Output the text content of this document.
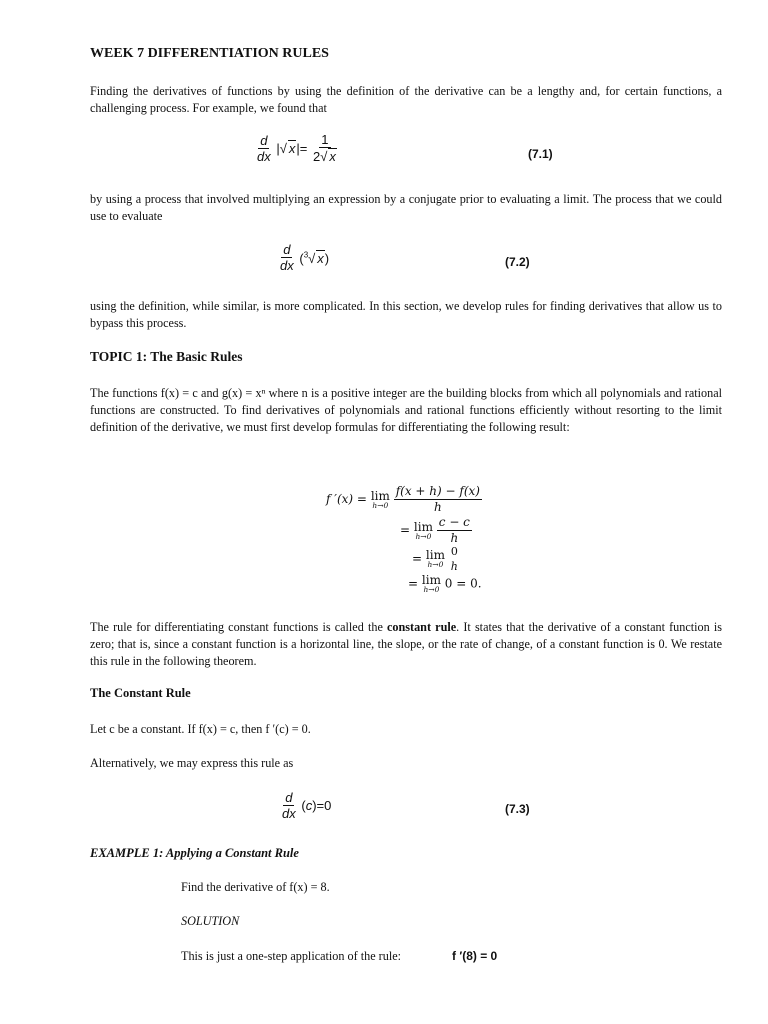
WEEK 7 DIFFERENTIATION RULES
Finding the derivatives of functions by using the definition of the derivative can be a lengthy and, for certain functions, a challenging process. For example, we found that
$\frac{d}{dx}$ |√ $x|= \frac{1}{2√ x}$	(7.1)
by using a process that involved multiplying an expression by a conjugate prior to evaluating a limit. The process that we could use to evaluate
$\frac{d}{dx} (^3√$ x)	(7.2)
using the definition, while similar, is more complicated. In this section, we develop rules for finding derivatives that allow us to bypass this process.
TOPIC 1: The Basic Rules
The functions f(x) = c and g(x) = xⁿ where n is a positive integer are the building blocks from which all polynomials and rational functions are constructed. To find derivatives of polynomials and rational functions efficiently without resorting to the limit definition of the derivative, we must first develop formulas for differentiating the following result:
f ′(x) = lim
h→0
$\frac{f(x + h) - f(x)}{h}$
= lim
h→0
$\frac{c - c}{h}$
= lim
h→0

0
h
= lim
h→0 0 = 0.
The rule for differentiating constant functions is called the constant rule. It states that the derivative of a constant function is zero; that is, since a constant function is a horizontal line, the slope, or the rate of change, of a constant function is 0. We restate this rule in the following theorem.
The Constant Rule
Let c be a constant. If f(x) = c, then f ′(c) = 0.
Alternatively, we may express this rule as
$\frac{d}{dx} (c)=0$	(7.3)
EXAMPLE 1: Applying a Constant Rule
Find the derivative of f(x) = 8.
SOLUTION
This is just a one-step application of the rule:	f ′(8) = 0
